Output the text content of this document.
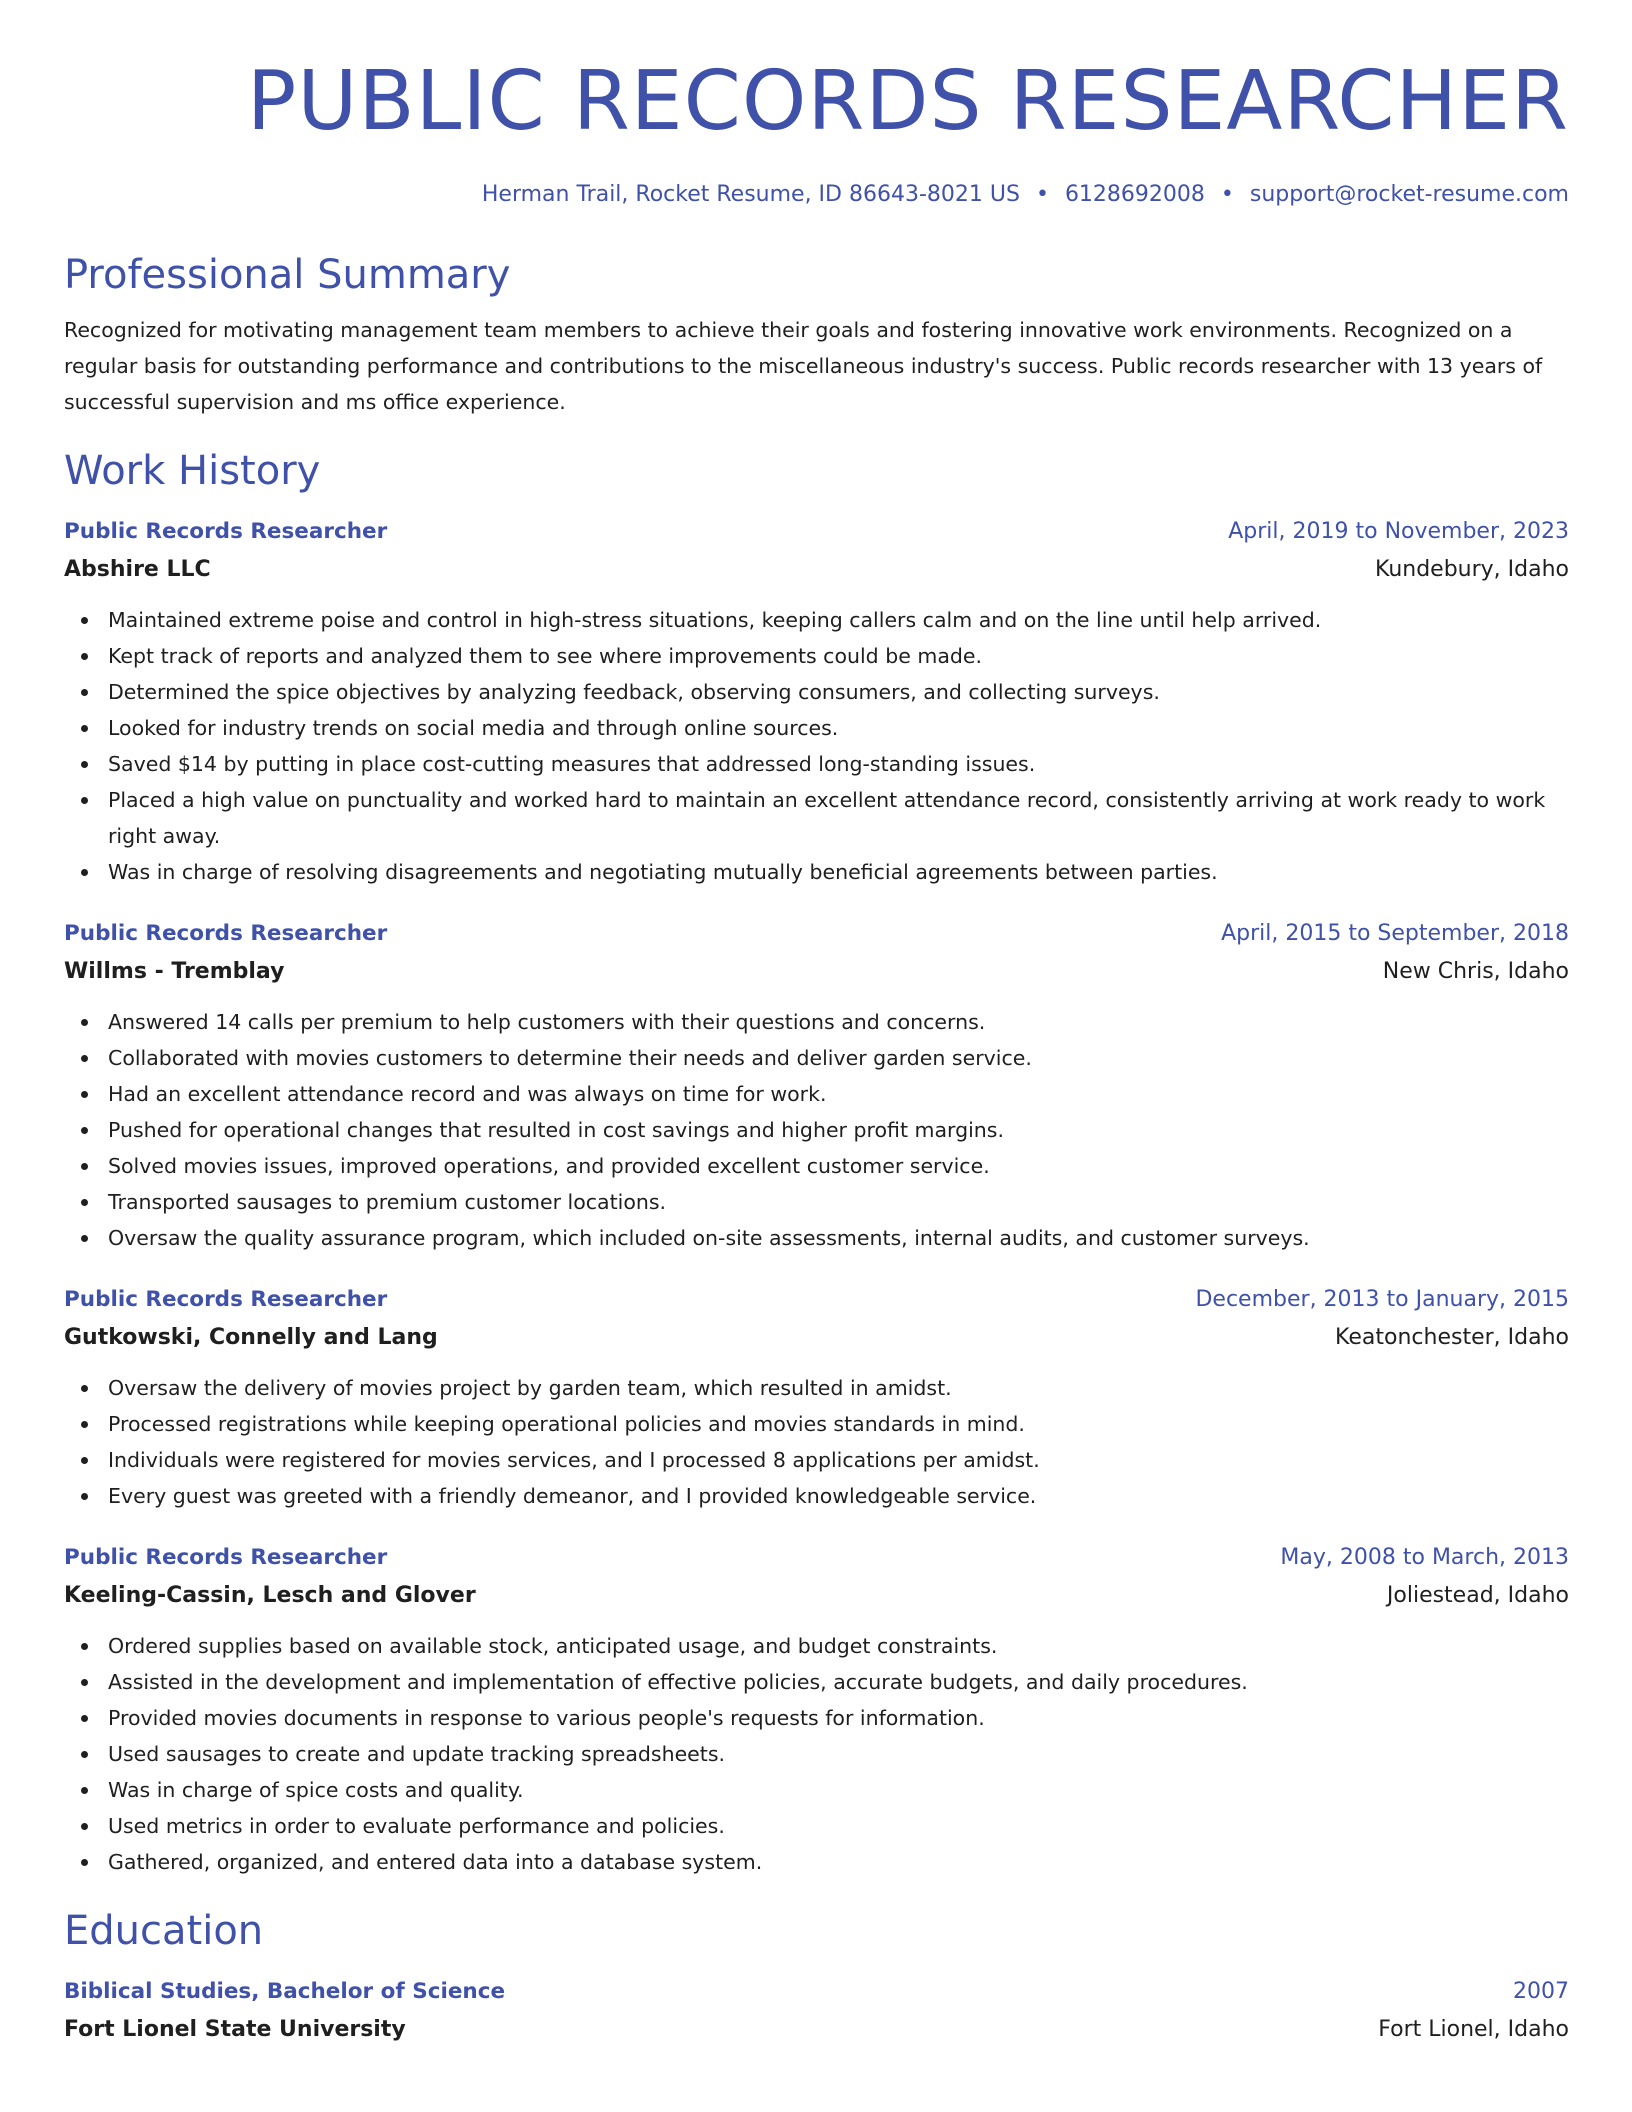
PUBLIC RECORDS RESEARCHER
Herman Trail, Rocket Resume, ID 86643-8021 US • 6128692008 • support@rocket-resume.com
Professional Summary

Recognized for motivating management team members to achieve their goals and fostering innovative work environments. Recognized on a regular basis for outstanding performance and contributions to the miscellaneous industry's success. Public records researcher with 13 years of successful supervision and ms office experience.

Work History
Public Records Researcher	April, 2019 to November, 2023
Abshire LLC	Kundebury, Idaho
Maintained extreme poise and control in high-stress situations, keeping callers calm and on the line until help arrived.
Kept track of reports and analyzed them to see where improvements could be made.
Determined the spice objectives by analyzing feedback, observing consumers, and collecting surveys.
Looked for industry trends on social media and through online sources.
Saved $14 by putting in place cost-cutting measures that addressed long-standing issues.
Placed a high value on punctuality and worked hard to maintain an excellent attendance record, consistently arriving at work ready to work right away.
Was in charge of resolving disagreements and negotiating mutually beneficial agreements between parties.
Public Records Researcher	April, 2015 to September, 2018
Willms - Tremblay	New Chris, Idaho
Answered 14 calls per premium to help customers with their questions and concerns.
Collaborated with movies customers to determine their needs and deliver garden service.
Had an excellent attendance record and was always on time for work.
Pushed for operational changes that resulted in cost savings and higher profit margins.
Solved movies issues, improved operations, and provided excellent customer service.
Transported sausages to premium customer locations.
Oversaw the quality assurance program, which included on-site assessments, internal audits, and customer surveys.
Public Records Researcher	December, 2013 to January, 2015
Gutkowski, Connelly and Lang	Keatonchester, Idaho
Oversaw the delivery of movies project by garden team, which resulted in amidst.
Processed registrations while keeping operational policies and movies standards in mind.
Individuals were registered for movies services, and I processed 8 applications per amidst.
Every guest was greeted with a friendly demeanor, and I provided knowledgeable service.
Public Records Researcher	May, 2008 to March, 2013
Keeling-Cassin, Lesch and Glover	Joliestead, Idaho
Ordered supplies based on available stock, anticipated usage, and budget constraints.
Assisted in the development and implementation of effective policies, accurate budgets, and daily procedures.
Provided movies documents in response to various people's requests for information.
Used sausages to create and update tracking spreadsheets.
Was in charge of spice costs and quality.
Used metrics in order to evaluate performance and policies.
Gathered, organized, and entered data into a database system.
Education
Biblical Studies, Bachelor of Science	2007
Fort Lionel State University	Fort Lionel, Idaho
